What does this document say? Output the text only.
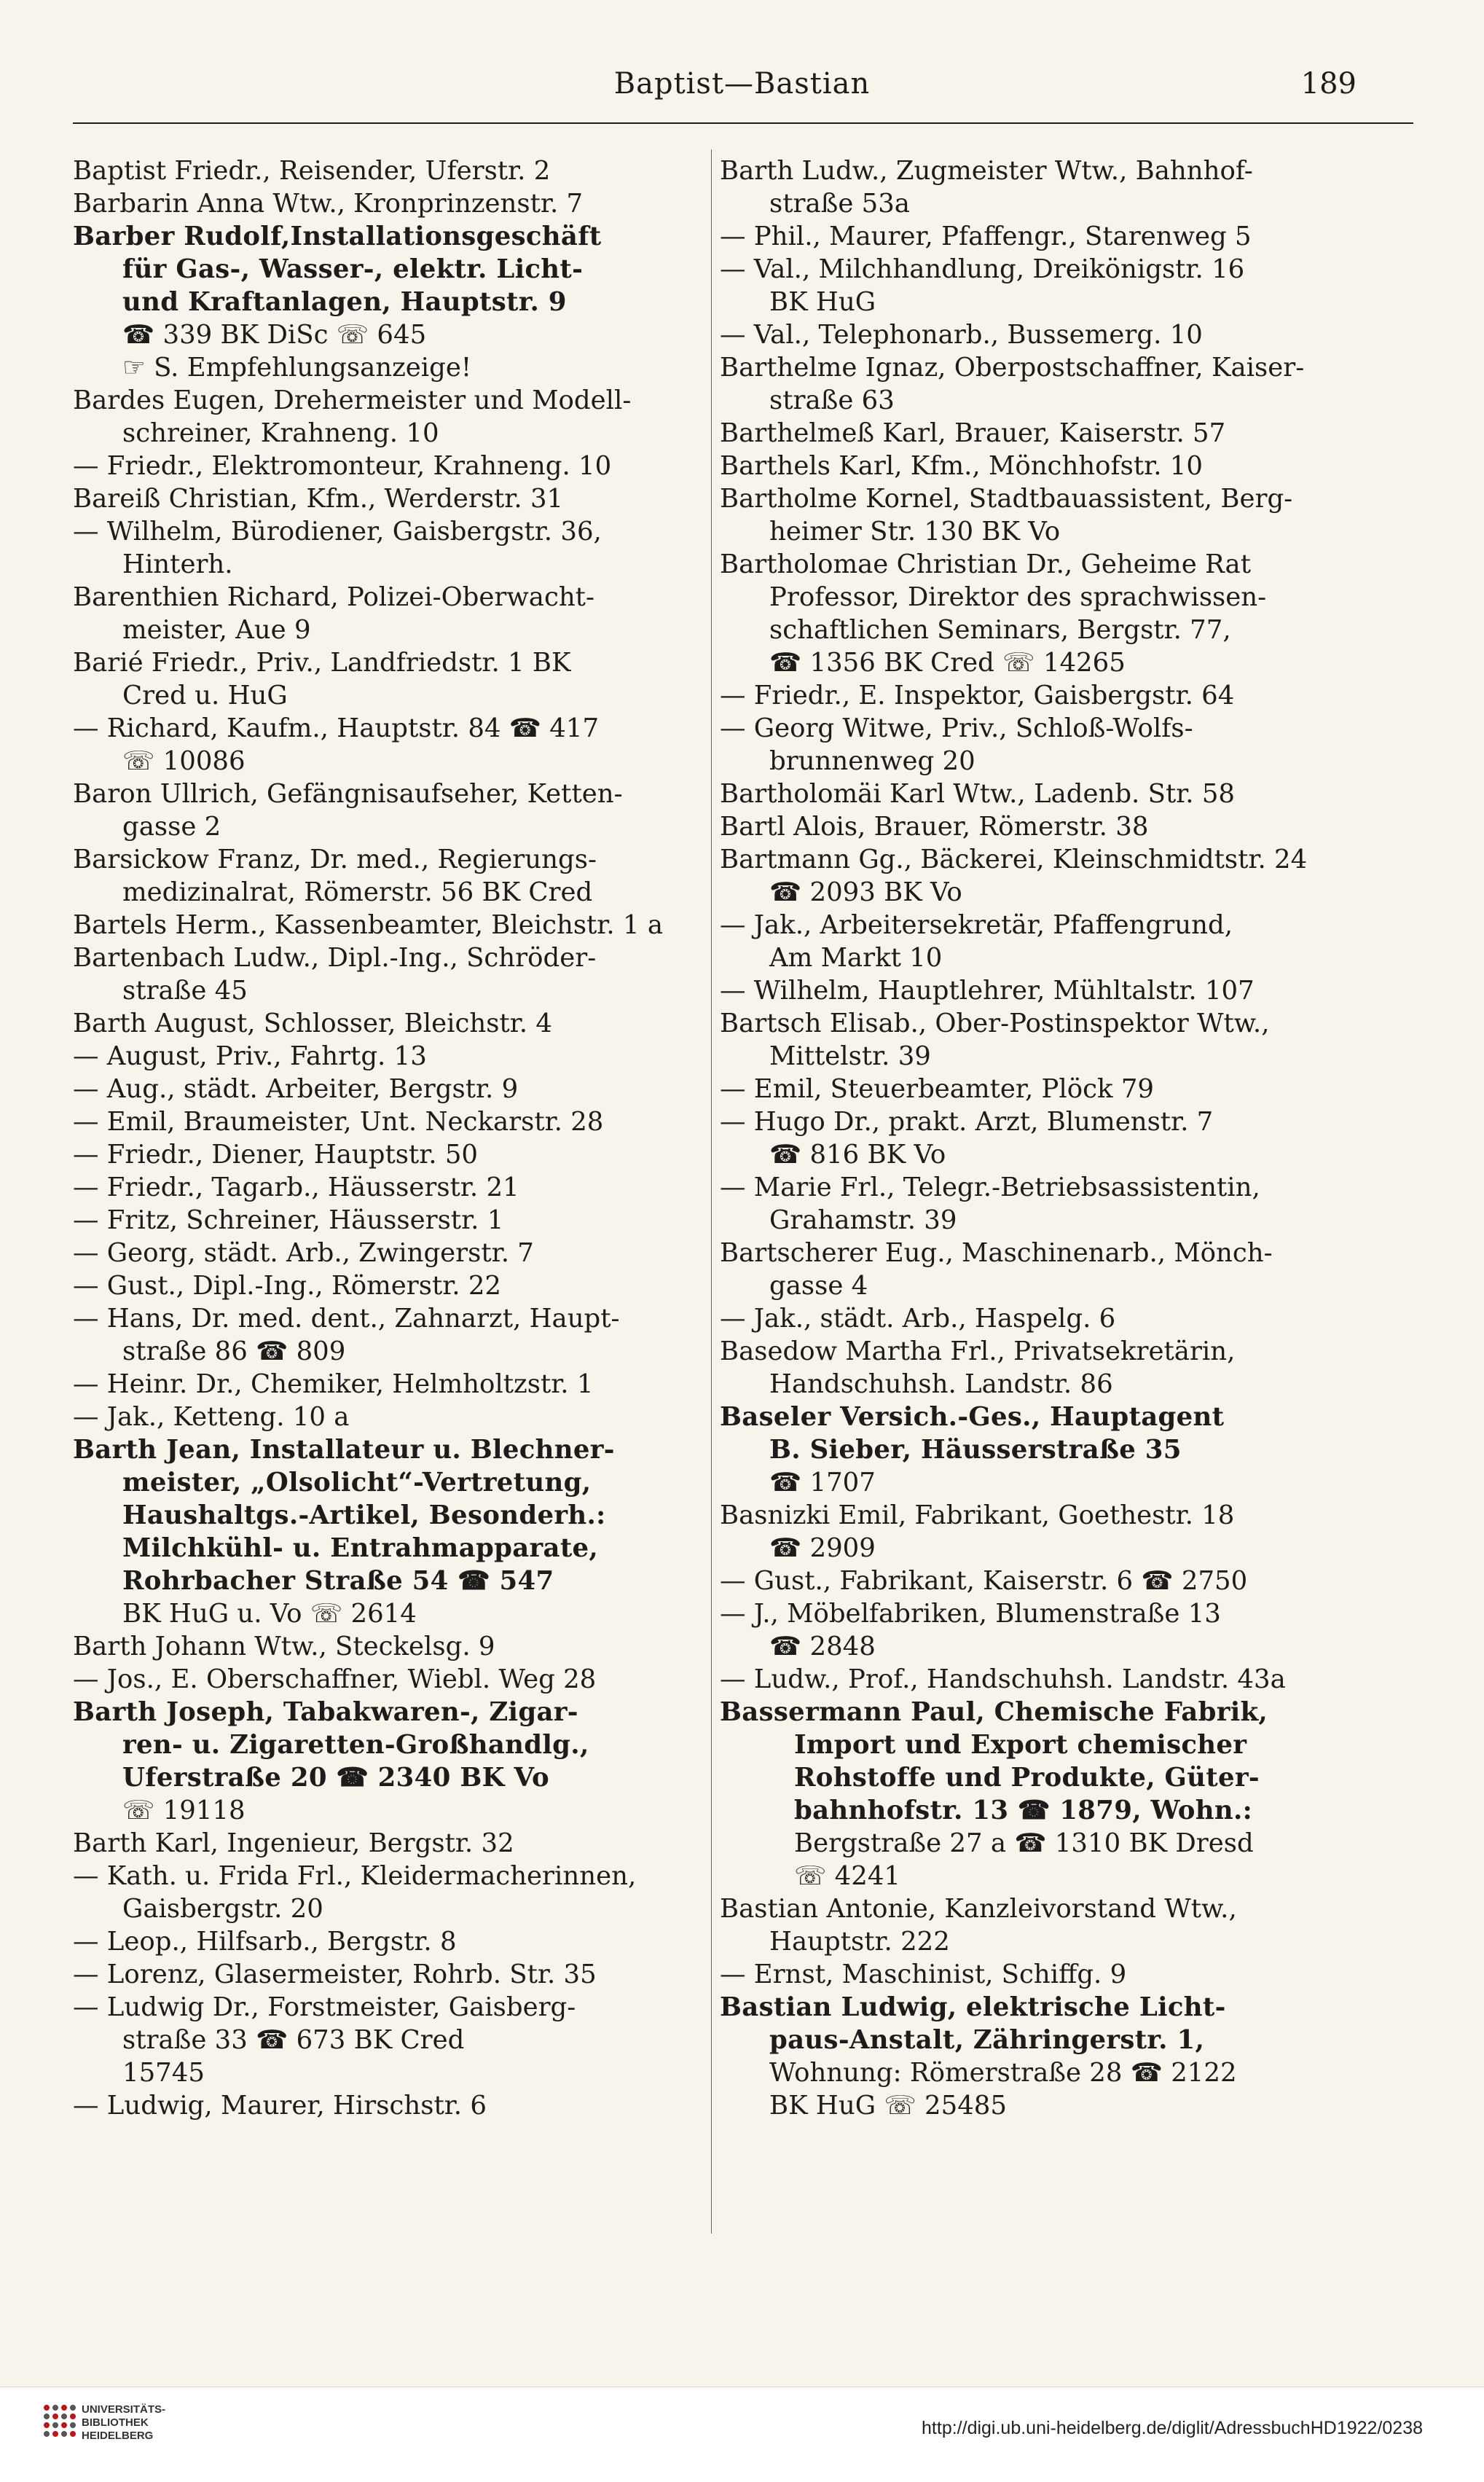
Baptist—Bastian	189
Baptist Friedr., Reisender, Uferstr. 2
Barbarin Anna Wtw., Kronprinzenstr. 7
Barber Rudolf,Installationsgeschäft
für Gas-, Wasser-, elektr. Licht-
und Kraftanlagen, Hauptstr. 9
☎ 339 BK DiSc ☏ 645
☞ S. Empfehlungsanzeige!
Bardes Eugen, Drehermeister und Modell-
schreiner, Krahneng. 10
— Friedr., Elektromonteur, Krahneng. 10
Bareiß Christian, Kfm., Werderstr. 31
— Wilhelm, Bürodiener, Gaisbergstr. 36,
Hinterh.
Barenthien Richard, Polizei-Oberwacht-
meister, Aue 9
Barié Friedr., Priv., Landfriedstr. 1 BK
Cred u. HuG
— Richard, Kaufm., Hauptstr. 84 ☎ 417
☏ 10086
Baron Ullrich, Gefängnisaufseher, Ketten-
gasse 2
Barsickow Franz, Dr. med., Regierungs-
medizinalrat, Römerstr. 56 BK Cred
Bartels Herm., Kassenbeamter, Bleichstr. 1 a
Bartenbach Ludw., Dipl.-Ing., Schröder-
straße 45
Barth August, Schlosser, Bleichstr. 4
— August, Priv., Fahrtg. 13
— Aug., städt. Arbeiter, Bergstr. 9
— Emil, Braumeister, Unt. Neckarstr. 28
— Friedr., Diener, Hauptstr. 50
— Friedr., Tagarb., Häusserstr. 21
— Fritz, Schreiner, Häusserstr. 1
— Georg, städt. Arb., Zwingerstr. 7
— Gust., Dipl.-Ing., Römerstr. 22
— Hans, Dr. med. dent., Zahnarzt, Haupt-
straße 86 ☎ 809
— Heinr. Dr., Chemiker, Helmholtzstr. 1
— Jak., Ketteng. 10 a
Barth Jean, Installateur u. Blechner-
meister, „Olsolicht“-Vertretung,
Haushaltgs.-Artikel, Besonderh.:
Milchkühl- u. Entrahmapparate,
Rohrbacher Straße 54 ☎ 547
BK HuG u. Vo ☏ 2614
Barth Johann Wtw., Steckelsg. 9
— Jos., E. Oberschaffner, Wiebl. Weg 28
Barth Joseph, Tabakwaren-, Zigar-
ren- u. Zigaretten-Großhandlg.,
Uferstraße 20 ☎ 2340 BK Vo
☏ 19118
Barth Karl, Ingenieur, Bergstr. 32
— Kath. u. Frida Frl., Kleidermacherinnen,
Gaisbergstr. 20
— Leop., Hilfsarb., Bergstr. 8
— Lorenz, Glasermeister, Rohrb. Str. 35
— Ludwig Dr., Forstmeister, Gaisberg-
straße 33 ☎ 673 BK Cred
15745
— Ludwig, Maurer, Hirschstr. 6
Barth Ludw., Zugmeister Wtw., Bahnhof-
straße 53a
— Phil., Maurer, Pfaffengr., Starenweg 5
— Val., Milchhandlung, Dreikönigstr. 16
BK HuG
— Val., Telephonarb., Bussemerg. 10
Barthelme Ignaz, Oberpostschaffner, Kaiser-
straße 63
Barthelmeß Karl, Brauer, Kaiserstr. 57
Barthels Karl, Kfm., Mönchhofstr. 10
Bartholme Kornel, Stadtbauassistent, Berg-
heimer Str. 130 BK Vo
Bartholomae Christian Dr., Geheime Rat
Professor, Direktor des sprachwissen-
schaftlichen Seminars, Bergstr. 77,
☎ 1356 BK Cred ☏ 14265
— Friedr., E. Inspektor, Gaisbergstr. 64
— Georg Witwe, Priv., Schloß-Wolfs-
brunnenweg 20
Bartholomäi Karl Wtw., Ladenb. Str. 58
Bartl Alois, Brauer, Römerstr. 38
Bartmann Gg., Bäckerei, Kleinschmidtstr. 24
☎ 2093 BK Vo
— Jak., Arbeitersekretär, Pfaffengrund,
Am Markt 10
— Wilhelm, Hauptlehrer, Mühltalstr. 107
Bartsch Elisab., Ober-Postinspektor Wtw.,
Mittelstr. 39
— Emil, Steuerbeamter, Plöck 79
— Hugo Dr., prakt. Arzt, Blumenstr. 7
☎ 816 BK Vo
— Marie Frl., Telegr.-Betriebsassistentin,
Grahamstr. 39
Bartscherer Eug., Maschinenarb., Mönch-
gasse 4
— Jak., städt. Arb., Haspelg. 6
Basedow Martha Frl., Privatsekretärin,
Handschuhsh. Landstr. 86
Baseler Versich.-Ges., Hauptagent
B. Sieber, Häusserstraße 35
☎ 1707
Basnizki Emil, Fabrikant, Goethestr. 18
☎ 2909
— Gust., Fabrikant, Kaiserstr. 6 ☎ 2750
— J., Möbelfabriken, Blumenstraße 13
☎ 2848
— Ludw., Prof., Handschuhsh. Landstr. 43a
Bassermann Paul, Chemische Fabrik,
Import und Export chemischer
Rohstoffe und Produkte, Güter-
bahnhofstr. 13 ☎ 1879, Wohn.:
Bergstraße 27 a ☎ 1310 BK Dresd
☏ 4241
Bastian Antonie, Kanzleivorstand Wtw.,
Hauptstr. 222
— Ernst, Maschinist, Schiffg. 9
Bastian Ludwig, elektrische Licht-
paus-Anstalt, Zähringerstr. 1,
Wohnung: Römerstraße 28 ☎ 2122
BK HuG ☏ 25485
UNIVERSITÄTS-
BIBLIOTHEK
HEIDELBERG	http://digi.ub.uni-heidelberg.de/diglit/AdressbuchHD1922/0238
